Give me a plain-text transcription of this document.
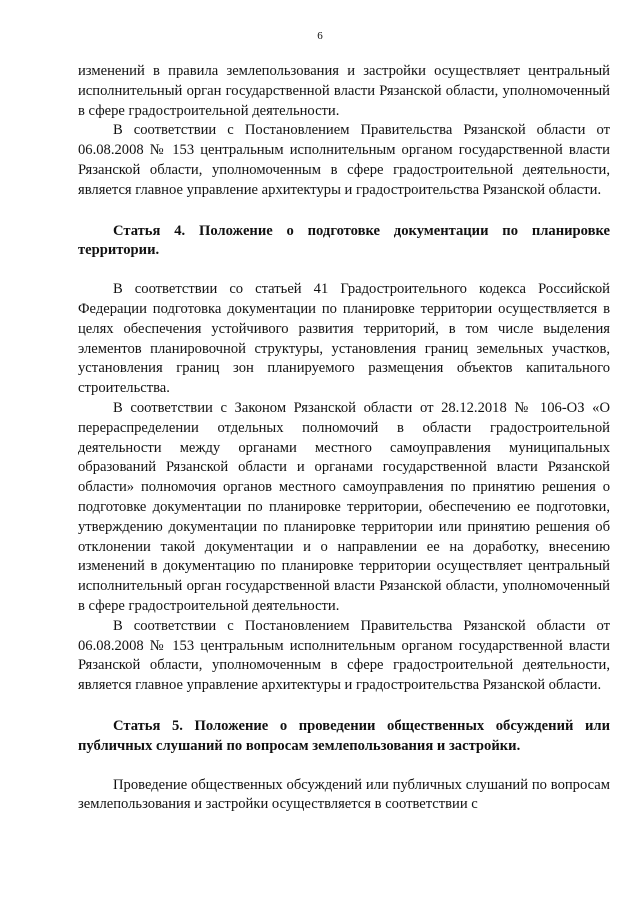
6

изменений в правила землепользования и застройки осуществляет центральный исполнительный орган государственной власти Рязанской области, уполномоченный в сфере градостроительной деятельности.

В соответствии с Постановлением Правительства Рязанской области от 06.08.2008 № 153 центральным исполнительным органом государственной власти Рязанской области, уполномоченным в сфере градостроительной деятельности, является главное управление архитектуры и градостроительства Рязанской области.

Статья 4. Положение о подготовке документации по планировке территории.

В соответствии со статьей 41 Градостроительного кодекса Российской Федерации подготовка документации по планировке территории осуществляется в целях обеспечения устойчивого развития территорий, в том числе выделения элементов планировочной структуры, установления границ земельных участков, установления границ зон планируемого размещения объектов капитального строительства.

В соответствии с Законом Рязанской области от 28.12.2018 № 106-ОЗ «О перераспределении отдельных полномочий в области градостроительной деятельности между органами местного самоуправления муниципальных образований Рязанской области и органами государственной власти Рязанской области» полномочия органов местного самоуправления по принятию решения о подготовке документации по планировке территории, обеспечению ее подготовки, утверждению документации по планировке территории или принятию решения об отклонении такой документации и о направлении ее на доработку, внесению изменений в документацию по планировке территории осуществляет центральный исполнительный орган государственной власти Рязанской области, уполномоченный в сфере градостроительной деятельности.

В соответствии с Постановлением Правительства Рязанской области от 06.08.2008 № 153 центральным исполнительным органом государственной власти Рязанской области, уполномоченным в сфере градостроительной деятельности, является главное управление архитектуры и градостроительства Рязанской области.

Статья 5. Положение о проведении общественных обсуждений или публичных слушаний по вопросам землепользования и застройки.

Проведение общественных обсуждений или публичных слушаний по вопросам землепользования и застройки осуществляется в соответствии с
